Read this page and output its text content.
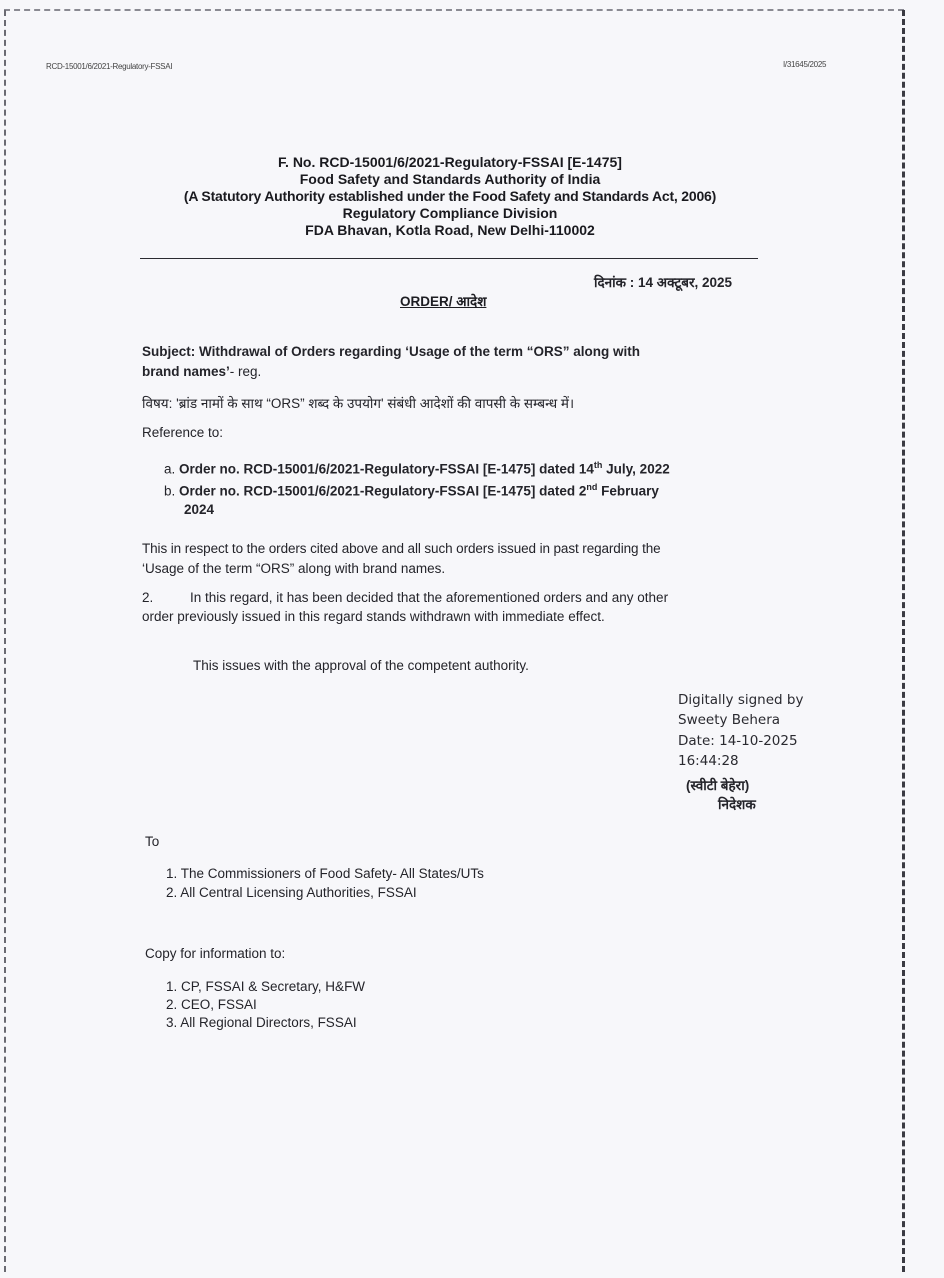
RCD-15001/6/2021-Regulatory-FSSAI	I/31645/2025
F. No. RCD-15001/6/2021-Regulatory-FSSAI [E-1475]
Food Safety and Standards Authority of India
(A Statutory Authority established under the Food Safety and Standards Act, 2006)
Regulatory Compliance Division
FDA Bhavan, Kotla Road, New Delhi-110002
दिनांक : 14 अक्टूबर, 2025
ORDER/ आदेश
Subject: Withdrawal of Orders regarding ‘Usage of the term “ORS” along with
brand names’- reg.
विषय: 'ब्रांड नामों के साथ “ORS” शब्द के उपयोग' संबंधी आदेशों की वापसी के सम्बन्ध में।
Reference to:
a. Order no. RCD-15001/6/2021-Regulatory-FSSAI [E-1475] dated 14th July, 2022
b. Order no. RCD-15001/6/2021-Regulatory-FSSAI [E-1475] dated 2nd February
2024
This in respect to the orders cited above and all such orders issued in past regarding the
‘Usage of the term “ORS” along with brand names.
2.	In this regard, it has been decided that the aforementioned orders and any other
order previously issued in this regard stands withdrawn with immediate effect.
This issues with the approval of the competent authority.
Digitally signed by
Sweety Behera
Date: 14-10-2025
16:44:28
(स्वीटी बेहेरा)
निदेशक
To
1. The Commissioners of Food Safety- All States/UTs
2. All Central Licensing Authorities, FSSAI
Copy for information to:
1. CP, FSSAI & Secretary, H&FW
2. CEO, FSSAI
3. All Regional Directors, FSSAI
